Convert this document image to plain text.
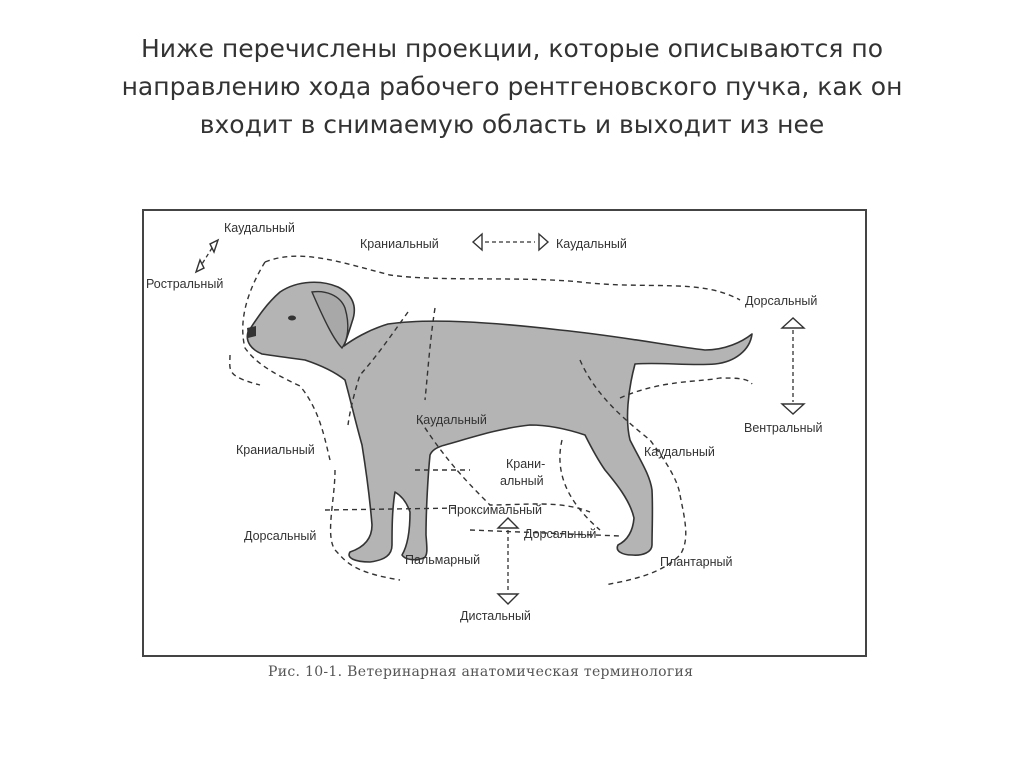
Ниже перечислены проекции, которые описываются по
направлению хода рабочего рентгеновского пучка, как он
входит в снимаемую область и выходит из нее
Каудальный
Ростральный
Краниальный	Каудальный
Дорсальный
Вентральный
Каудальный
Краниальный
Крани-
альный
Каудальный
Проксимальный
Дорсальный
Дорсальный
Пальмарный	Плантарный
Дистальный
Рис. 10-1. Ветеринарная анатомическая терминология
